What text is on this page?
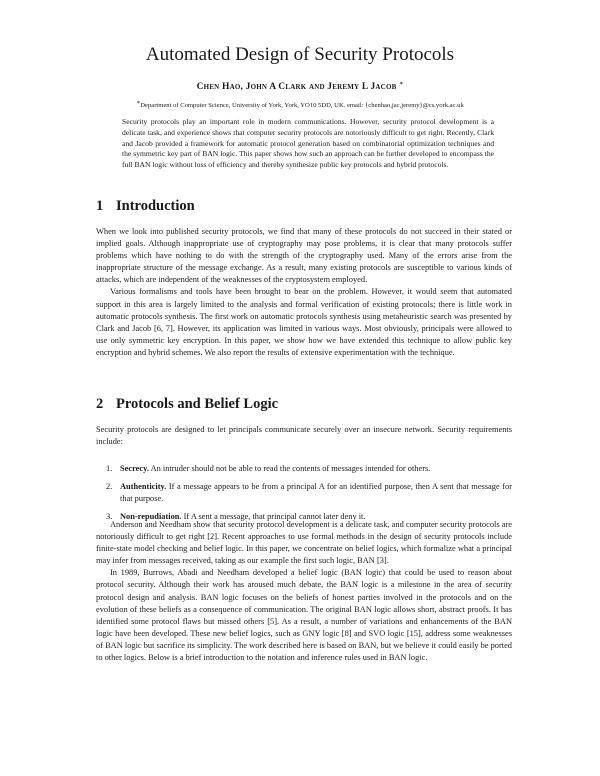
Automated Design of Security Protocols
Chen Hao, John A Clark and Jeremy L Jacob ∗
∗Department of Computer Science, University of York, York, YO10 5DD, UK. email: {chenhao,jac,jeremy}@cs.york.ac.uk

Security protocols play an important role in modern communications. However, security protocol development is a delicate task, and experience shows that computer security protocols are notoriously difficult to get right. Recently, Clark and Jacob provided a framework for automatic protocol generation based on combinatorial optimization techniques and the symmetric key part of BAN logic. This paper shows how such an approach can be further developed to encompass the full BAN logic without loss of efficiency and thereby synthesize public key protocols and hybrid protocols.

1 Introduction

When we look into published security protocols, we find that many of these protocols do not succeed in their stated or implied goals. Although inappropriate use of cryptography may pose problems, it is clear that many protocols suffer problems which have nothing to do with the strength of the cryptography used. Many of the errors arise from the inappropriate structure of the message exchange. As a result, many existing protocols are susceptible to various kinds of attacks, which are independent of the weaknesses of the cryptosystem employed.

Various formalisms and tools have been brought to bear on the problem. However, it would seem that automated support in this area is largely limited to the analysis and formal verification of existing protocols; there is little work in automatic protocols synthesis. The first work on automatic protocols synthesis using metaheuristic search was presented by Clark and Jacob [6, 7]. However, its application was limited in various ways. Most obviously, principals were allowed to use only symmetric key encryption. In this paper, we show how we have extended this technique to allow public key encryption and hybrid schemes. We also report the results of extensive experimentation with the technique.

2 Protocols and Belief Logic

Security protocols are designed to let principals communicate securely over an insecure network. Security requirements include:

1. Secrecy. An intruder should not be able to read the contents of messages intended for others.
2. Authenticity. If a message appears to be from a principal A for an identified purpose, then A sent that message for that purpose.
3. Non-repudiation. If A sent a message, that principal cannot later deny it.

Anderson and Needham show that security protocol development is a delicate task, and computer security protocols are notoriously difficult to get right [2]. Recent approaches to use formal methods in the design of security protocols include finite-state model checking and belief logic. In this paper, we concentrate on belief logics, which formalize what a principal may infer from messages received, taking as our example the first such logic, BAN [3].

In 1989, Burrows, Abadi and Needham developed a belief logic (BAN logic) that could be used to reason about protocol security. Although their work has aroused much debate, the BAN logic is a milestone in the area of security protocol design and analysis. BAN logic focuses on the beliefs of honest parties involved in the protocols and on the evolution of these beliefs as a consequence of communication. The original BAN logic allows short, abstract proofs. It has identified some protocol flaws but missed others [5]. As a result, a number of variations and enhancements of the BAN logic have been developed. These new belief logics, such as GNY logic [8] and SVO logic [15], address some weaknesses of BAN logic but sacrifice its simplicity. The work described here is based on BAN, but we believe it could easily be ported to other logics. Below is a brief introduction to the notation and inference rules used in BAN logic.
